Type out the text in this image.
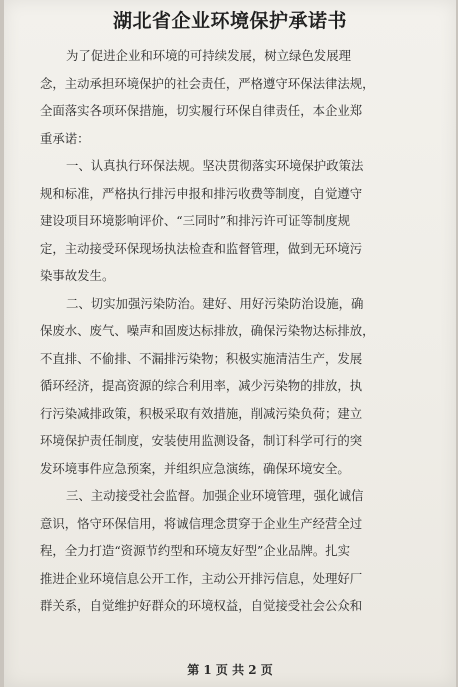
湖北省企业环境保护承诺书

为了促进企业和环境的可持续发展，树立绿色发展理
念，主动承担环境保护的社会责任，严格遵守环保法律法规，
全面落实各项环保措施，切实履行环保自律责任，本企业郑
重承诺：

一、认真执行环保法规。坚决贯彻落实环境保护政策法
规和标准，严格执行排污申报和排污收费等制度，自觉遵守
建设项目环境影响评价、“三同时”和排污许可证等制度规
定，主动接受环保现场执法检查和监督管理，做到无环境污
染事故发生。

二、切实加强污染防治。建好、用好污染防治设施，确
保废水、废气、噪声和固废达标排放，确保污染物达标排放，
不直排、不偷排、不漏排污染物；积极实施清洁生产，发展
循环经济，提高资源的综合利用率，减少污染物的排放，执
行污染减排政策，积极采取有效措施，削减污染负荷；建立
环境保护责任制度，安装使用监测设备，制订科学可行的突
发环境事件应急预案，并组织应急演练，确保环境安全。

三、主动接受社会监督。加强企业环境管理，强化诚信
意识，恪守环保信用，将诚信理念贯穿于企业生产经营全过
程，全力打造“资源节约型和环境友好型”企业品牌。扎实
推进企业环境信息公开工作，主动公开排污信息，处理好厂
群关系，自觉维护好群众的环境权益，自觉接受社会公众和

第 1 页 共 2 页
